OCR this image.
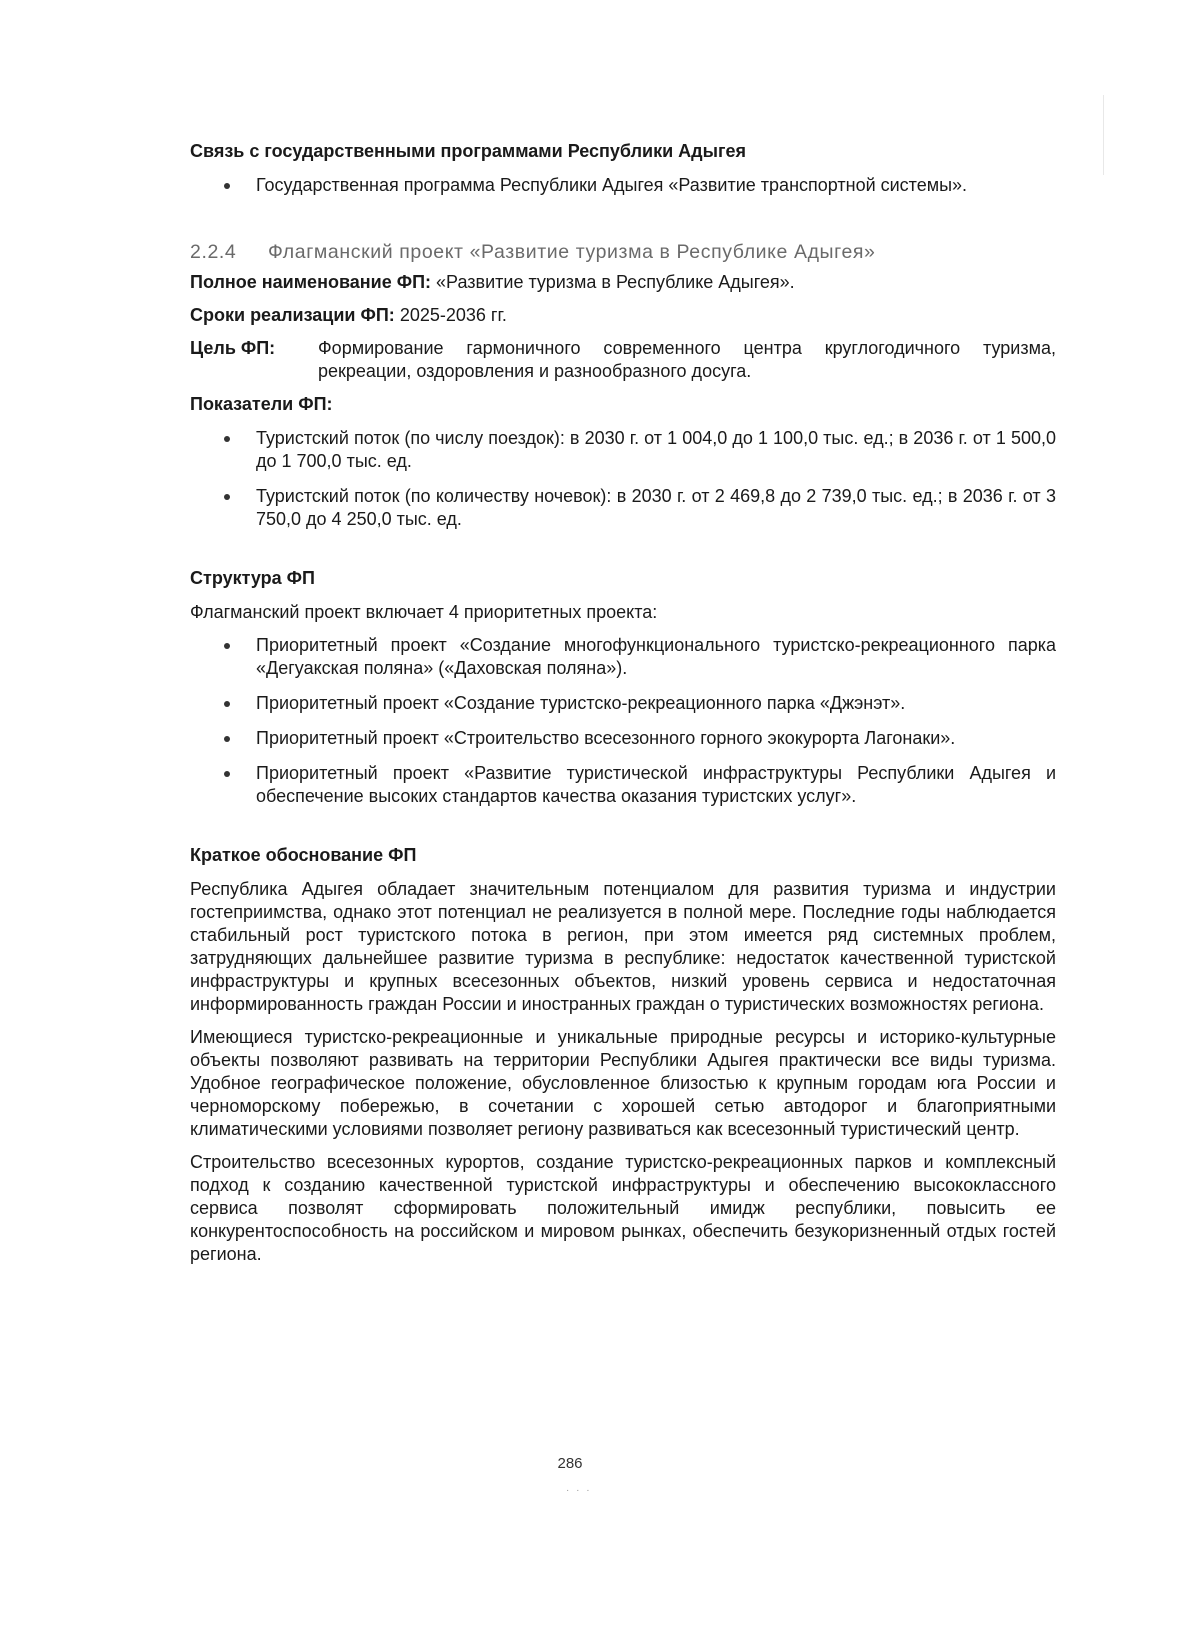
Связь с государственными программами Республики Адыгея
Государственная программа Республики Адыгея «Развитие транспортной системы».
2.2.4 Флагманский проект «Развитие туризма в Республике Адыгея»
Полное наименование ФП: «Развитие туризма в Республике Адыгея».
Сроки реализации ФП: 2025-2036 гг.
Цель ФП:	Формирование гармоничного современного центра круглогодичного туризма, рекреации, оздоровления и разнообразного досуга.
Показатели ФП:
Туристский поток (по числу поездок): в 2030 г. от 1 004,0 до 1 100,0 тыс. ед.; в 2036 г. от 1 500,0 до 1 700,0 тыс. ед.
Туристский поток (по количеству ночевок): в 2030 г. от 2 469,8 до 2 739,0 тыс. ед.; в 2036 г. от 3 750,0 до 4 250,0 тыс. ед.
Структура ФП
Флагманский проект включает 4 приоритетных проекта:
Приоритетный проект «Создание многофункционального туристско-рекреационного парка «Дегуакская поляна» («Даховская поляна»).
Приоритетный проект «Создание туристско-рекреационного парка «Джэнэт».
Приоритетный проект «Строительство всесезонного горного экокурорта Лагонаки».
Приоритетный проект «Развитие туристической инфраструктуры Республики Адыгея и обеспечение высоких стандартов качества оказания туристских услуг».
Краткое обоснование ФП
Республика Адыгея обладает значительным потенциалом для развития туризма и индустрии гостеприимства, однако этот потенциал не реализуется в полной мере. Последние годы наблюдается стабильный рост туристского потока в регион, при этом имеется ряд системных проблем, затрудняющих дальнейшее развитие туризма в республике: недостаток качественной туристской инфраструктуры и крупных всесезонных объектов, низкий уровень сервиса и недостаточная информированность граждан России и иностранных граждан о туристических возможностях региона.
Имеющиеся туристско-рекреационные и уникальные природные ресурсы и историко-культурные объекты позволяют развивать на территории Республики Адыгея практически все виды туризма. Удобное географическое положение, обусловленное близостью к крупным городам юга России и черноморскому побережью, в сочетании с хорошей сетью автодорог и благоприятными климатическими условиями позволяет региону развиваться как всесезонный туристический центр.
Строительство всесезонных курортов, создание туристско-рекреационных парков и комплексный подход к созданию качественной туристской инфраструктуры и обеспечению высококлассного сервиса позволят сформировать положительный имидж республики, повысить ее конкурентоспособность на российском и мировом рынках, обеспечить безукоризненный отдых гостей региона.
286
· · ·
